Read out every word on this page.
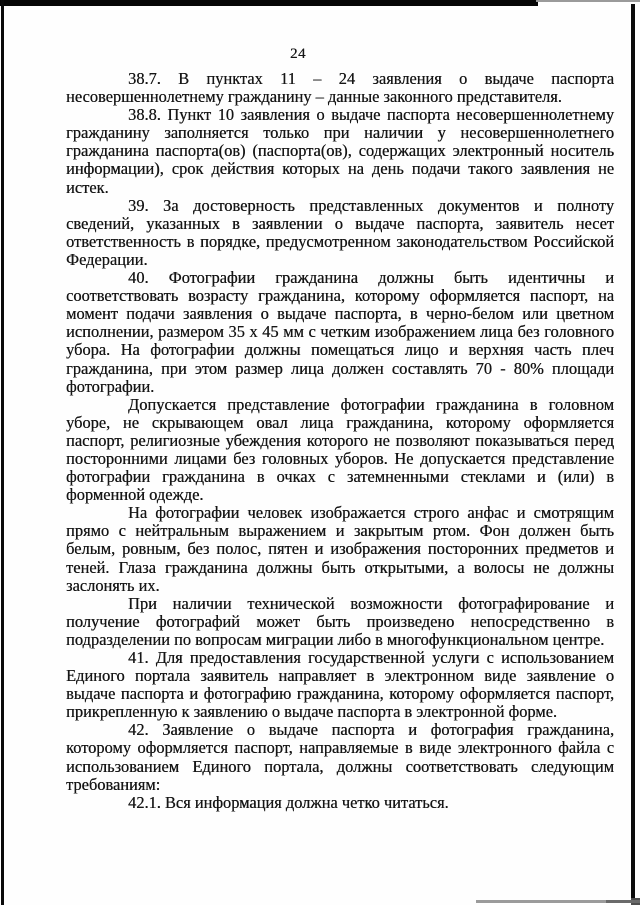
24

38.7. В пунктах 11 – 24 заявления о выдаче паспорта несовершеннолетнему гражданину – данные законного представителя.

38.8. Пункт 10 заявления о выдаче паспорта несовершеннолетнему гражданину заполняется только при наличии у несовершеннолетнего гражданина паспорта(ов) (паспорта(ов), содержащих электронный носитель информации), срок действия которых на день подачи такого заявления не истек.

39. За достоверность представленных документов и полноту сведений, указанных в заявлении о выдаче паспорта, заявитель несет ответственность в порядке, предусмотренном законодательством Российской Федерации.

40. Фотографии гражданина должны быть идентичны и соответствовать возрасту гражданина, которому оформляется паспорт, на момент подачи заявления о выдаче паспорта, в черно-белом или цветном исполнении, размером 35 х 45 мм с четким изображением лица без головного убора. На фотографии должны помещаться лицо и верхняя часть плеч гражданина, при этом размер лица должен составлять 70 - 80% площади фотографии.

Допускается представление фотографии гражданина в головном уборе, не скрывающем овал лица гражданина, которому оформляется паспорт, религиозные убеждения которого не позволяют показываться перед посторонними лицами без головных уборов. Не допускается представление фотографии гражданина в очках с затемненными стеклами и (или) в форменной одежде.

На фотографии человек изображается строго анфас и смотрящим прямо с нейтральным выражением и закрытым ртом. Фон должен быть белым, ровным, без полос, пятен и изображения посторонних предметов и теней. Глаза гражданина должны быть открытыми, а волосы не должны заслонять их.

При наличии технической возможности фотографирование и получение фотографий может быть произведено непосредственно в подразделении по вопросам миграции либо в многофункциональном центре.

41. Для предоставления государственной услуги с использованием Единого портала заявитель направляет в электронном виде заявление о выдаче паспорта и фотографию гражданина, которому оформляется паспорт, прикрепленную к заявлению о выдаче паспорта в электронной форме.

42. Заявление о выдаче паспорта и фотография гражданина, которому оформляется паспорт, направляемые в виде электронного файла с использованием Единого портала, должны соответствовать следующим требованиям:

42.1. Вся информация должна четко читаться.
